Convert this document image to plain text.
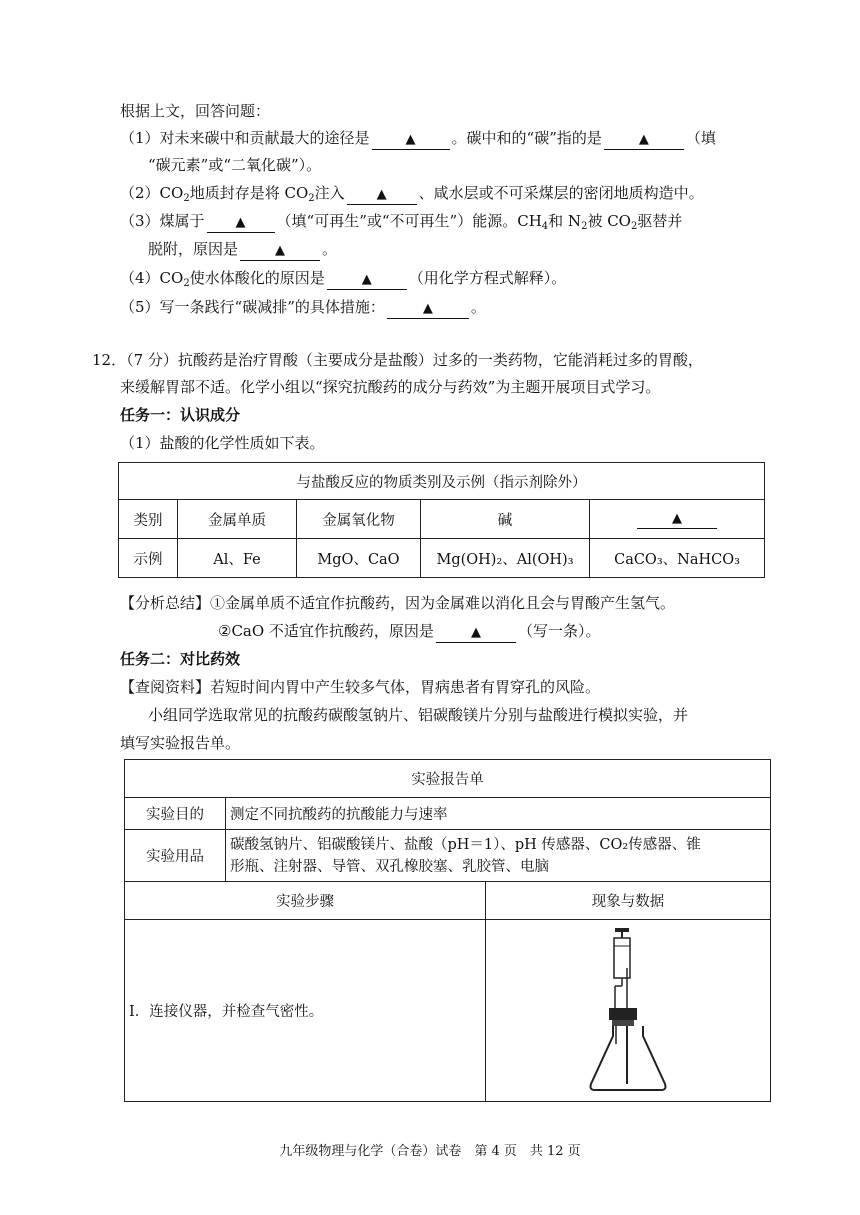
根据上文，回答问题：
（1）对未来碳中和贡献最大的途径是	▲ 。碳中和的“碳”指的是	▲ （填
“碳元素”或“二氧化碳”）。
$(2)CO_2$地质封存是将 $CO_2$注入 ▲ 、咸水层或不可采煤层的密闭地质构造中。
（3）煤属于 ▲ （填“可再生”或“不可再生”）能源。$CH_4$和 $N_2$被 $CO_2$驱替并
脱附，原因是	▲ 。
$(4)CO_2$使水体酸化的原因是	▲ （用化学方程式解释）。
（5）写一条践行“碳减排”的具体措施：	▲	。
12．（7 分）抗酸药是治疗胃酸（主要成分是盐酸）过多的一类药物，它能消耗过多的胃酸，
来缓解胃部不适。化学小组以“探究抗酸药的成分与药效”为主题开展项目式学习。
任务一：认识成分
（1）盐酸的化学性质如下表。
与盐酸反应的物质类别及示例（指示剂除外）				
类别	金属单质	金属氧化物	碱	▲
示例	Al、Fe	MgO、CaO	Mg(OH)₂、Al(OH)₃	CaCO₃、NaHCO₃
【分析总结】①金属单质不适宜作抗酸药，因为金属难以消化且会与胃酸产生氢气。
②CaO 不适宜作抗酸药，原因是	▲ （写一条）。
任务二：对比药效
【查阅资料】若短时间内胃中产生较多气体，胃病患者有胃穿孔的风险。
小组同学选取常见的抗酸药碳酸氢钠片、铝碳酸镁片分别与盐酸进行模拟实验，并
填写实验报告单。
实验报告单		
实验目的	测定不同抗酸药的抗酸能力与速率	
实验用品	碳酸氢钠片、铝碳酸镁片、盐酸（pH＝1）、pH 传感器、CO₂传感器、锥
形瓶、注射器、导管、双孔橡胶塞、乳胶管、电脑	

实验步骤		现象与数据
I．连接仪器，并检查气密性。	
九年级物理与化学（合卷）试卷　第 4 页　共 12 页
